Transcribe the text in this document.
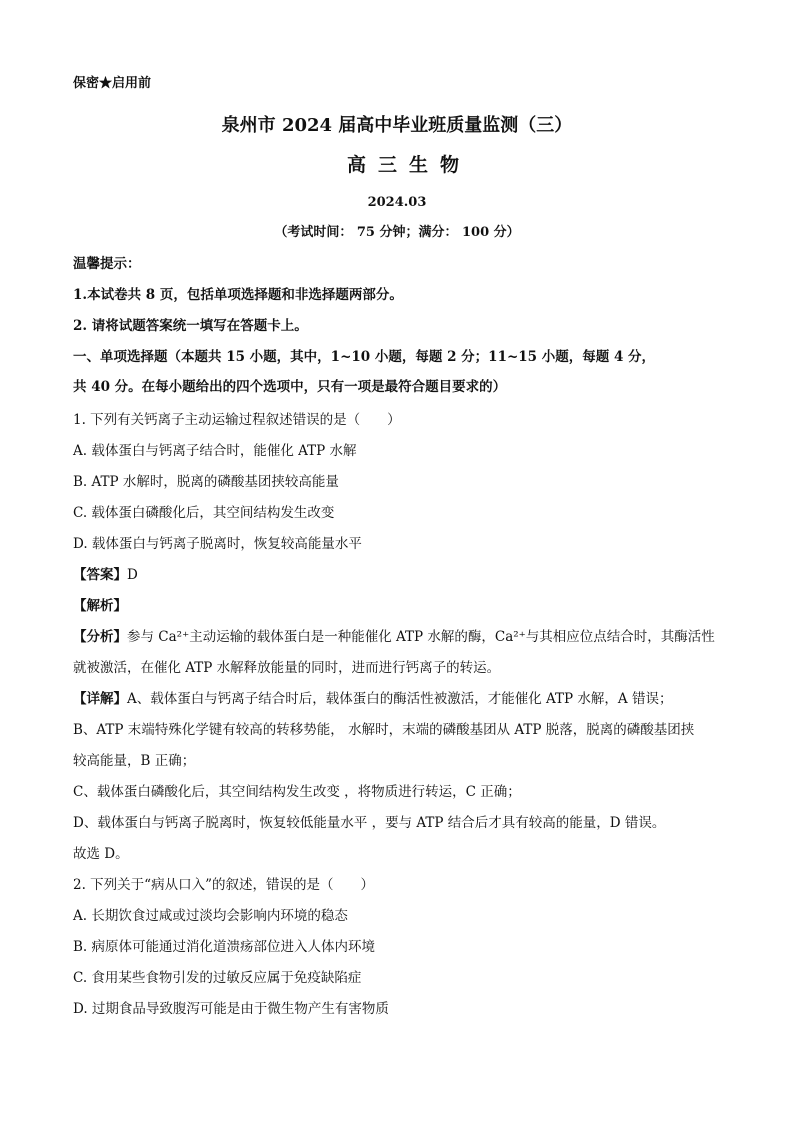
保密★启用前
泉州市 2024 届高中毕业班质量监测（三）
高三生物
2024.03
（考试时间： 75 分钟；满分： 100 分）
温馨提示：
1.本试卷共 8 页，包括单项选择题和非选择题两部分。
2. 请将试题答案统一填写在答题卡上。
一、单项选择题（本题共 15 小题，其中，1~10 小题，每题 2 分；11~15 小题，每题 4 分，
共 40 分。在每小题给出的四个选项中，只有一项是最符合题目要求的）
1. 下列有关钙离子主动运输过程叙述错误的是（　　）
A. 载体蛋白与钙离子结合时，能催化 ATP 水解
B. ATP 水解时，脱离的磷酸基团挟较高能量
C. 载体蛋白磷酸化后，其空间结构发生改变
D. 载体蛋白与钙离子脱离时，恢复较高能量水平
【答案】D
【解析】
【分析】参与 Ca²⁺主动运输的载体蛋白是一种能催化 ATP 水解的酶，Ca²⁺与其相应位点结合时，其酶活性
就被激活，在催化 ATP 水解释放能量的同时，进而进行钙离子的转运。
【详解】A、载体蛋白与钙离子结合时后，载体蛋白的酶活性被激活，才能催化 ATP 水解，A 错误；
B、ATP 末端特殊化学键有较高的转移势能， 水解时，末端的磷酸基团从 ATP 脱落，脱离的磷酸基团挟
较高能量，B 正确；
C、载体蛋白磷酸化后，其空间结构发生改变 ，将物质进行转运，C 正确；
D、载体蛋白与钙离子脱离时，恢复较低能量水平 ，要与 ATP 结合后才具有较高的能量，D 错误。
故选 D。
2. 下列关于“病从口入”的叙述，错误的是（　　）
A. 长期饮食过咸或过淡均会影响内环境的稳态
B. 病原体可能通过消化道溃疡部位进入人体内环境
C. 食用某些食物引发的过敏反应属于免疫缺陷症
D. 过期食品导致腹泻可能是由于微生物产生有害物质
